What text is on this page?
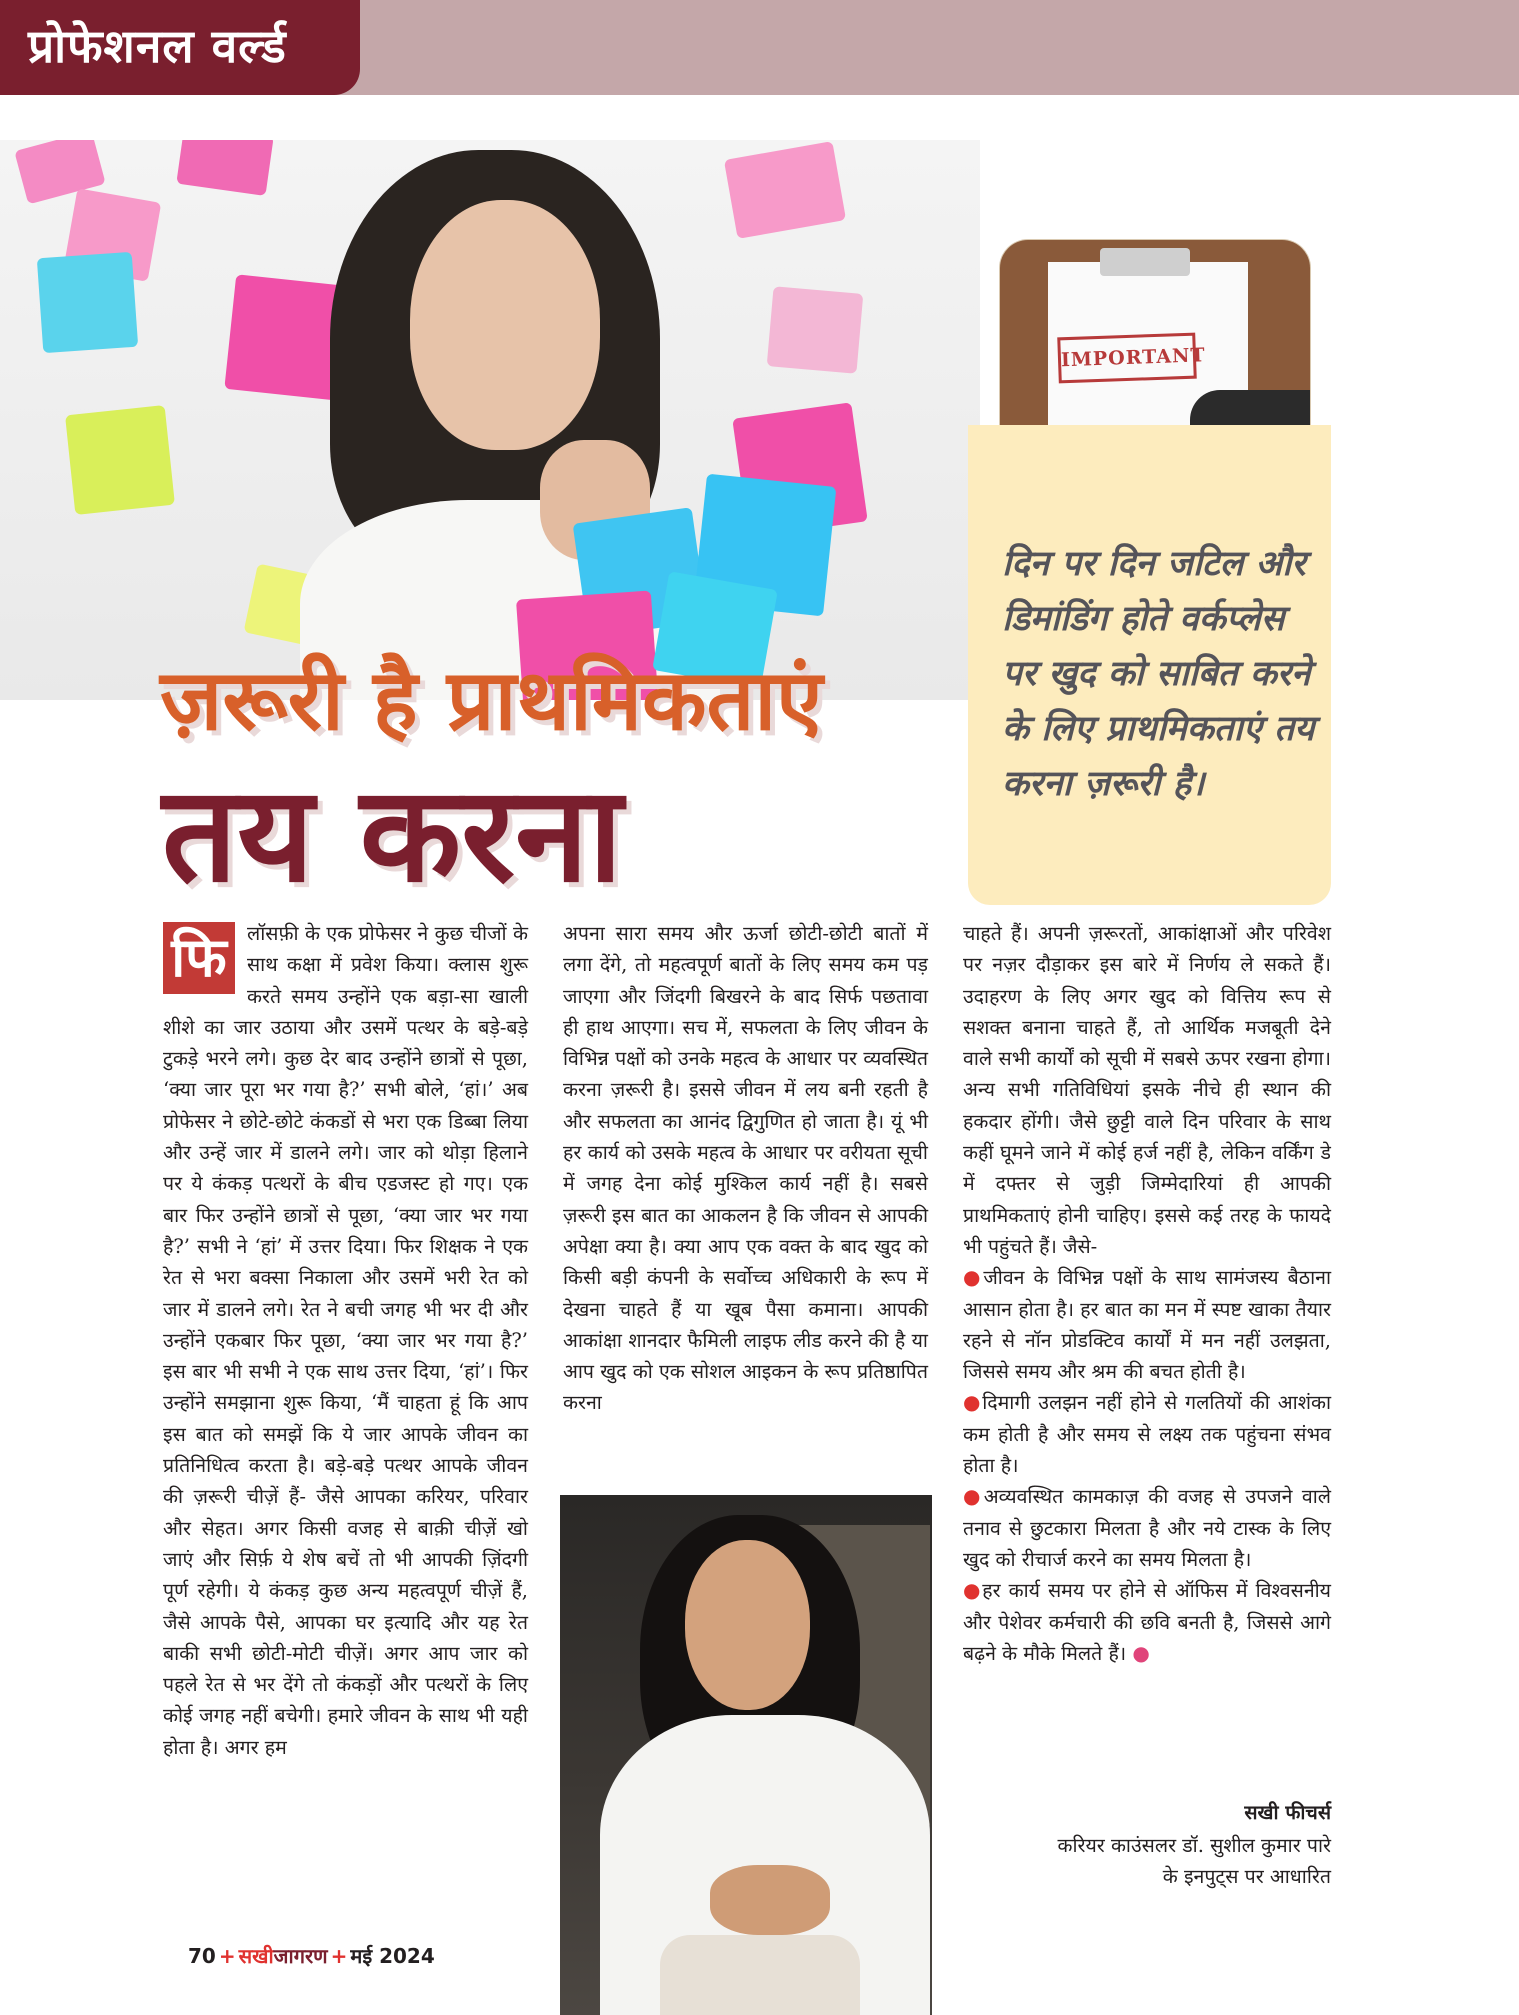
प्रोफेशनल वर्ल्ड
IMPORTANT

दिन पर दिन जटिल और डिमांडिंग होते वर्कप्लेस पर खुद को साबित करने के लिए प्राथमिकताएं तय करना ज़रूरी है।

ज़रूरी है प्राथमिकताएं
तय करना

फि	लॉसफ़ी के एक प्रोफेसर ने कुछ चीजों के साथ कक्षा में प्रवेश किया। क्लास शुरू करते समय उन्होंने एक बड़ा-सा खाली शीशे का जार उठाया और उसमें पत्थर के बड़े-बड़े टुकड़े भरने लगे। कुछ देर बाद उन्होंने छात्रों से पूछा, ‘क्या जार पूरा भर गया है?’ सभी बोले, ‘हां।’ अब प्रोफेसर ने छोटे-छोटे कंकडों से भरा एक डिब्बा लिया और उन्हें जार में डालने लगे। जार को थोड़ा हिलाने पर ये कंकड़ पत्थरों के बीच एडजस्ट हो गए। एक बार फिर उन्होंने छात्रों से पूछा, ‘क्या जार भर गया है?’ सभी ने ‘हां’ में उत्तर दिया। फिर शिक्षक ने एक रेत से भरा बक्सा निकाला और उसमें भरी रेत को जार में डालने लगे। रेत ने बची जगह भी भर दी और उन्होंने एकबार फिर पूछा, ‘क्या जार भर गया है?’ इस बार भी सभी ने एक साथ उत्तर दिया, ‘हां’। फिर उन्होंने समझाना शुरू किया, ‘मैं चाहता हूं कि आप इस बात को समझें कि ये जार आपके जीवन का प्रतिनिधित्व करता है। बड़े-बड़े पत्थर आपके जीवन की ज़रूरी चीज़ें हैं- जैसे आपका करियर, परिवार और सेहत। अगर किसी वजह से बाक़ी चीज़ें खो जाएं और सिर्फ़ ये शेष बचें तो भी आपकी ज़िंदगी पूर्ण रहेगी। ये कंकड़ कुछ अन्य महत्वपूर्ण चीज़ें हैं, जैसे आपके पैसे, आपका घर इत्यादि और यह रेत बाकी सभी छोटी-मोटी चीज़ें। अगर आप जार को पहले रेत से भर देंगे तो कंकड़ों और पत्थरों के लिए कोई जगह नहीं बचेगी। हमारे जीवन के साथ भी यही होता है। अगर हम

अपना सारा समय और ऊर्जा छोटी-छोटी बातों में लगा देंगे, तो महत्वपूर्ण बातों के लिए समय कम पड़ जाएगा और जिंदगी बिखरने के बाद सिर्फ पछतावा ही हाथ आएगा। सच में, सफलता के लिए जीवन के विभिन्न पक्षों को उनके महत्व के आधार पर व्यवस्थित करना ज़रूरी है। इससे जीवन में लय बनी रहती है और सफलता का आनंद द्विगुणित हो जाता है। यूं भी हर कार्य को उसके महत्व के आधार पर वरीयता सूची में जगह देना कोई मुश्किल कार्य नहीं है। सबसे ज़रूरी इस बात का आकलन है कि जीवन से आपकी अपेक्षा क्या है। क्या आप एक वक्त के बाद खुद को किसी बड़ी कंपनी के सर्वोच्च अधिकारी के रूप में देखना चाहते हैं या खूब पैसा कमाना। आपकी आकांक्षा शानदार फैमिली लाइफ लीड करने की है या आप खुद को एक सोशल आइकन के रूप प्रतिष्ठापित करना

चाहते हैं। अपनी ज़रूरतों, आकांक्षाओं और परिवेश पर नज़र दौड़ाकर इस बारे में निर्णय ले सकते हैं। उदाहरण के लिए अगर खुद को वित्तिय रूप से सशक्त बनाना चाहते हैं, तो आर्थिक मजबूती देने वाले सभी कार्यों को सूची में सबसे ऊपर रखना होगा। अन्य सभी गतिविधियां इसके नीचे ही स्थान की हकदार होंगी। जैसे छुट्टी वाले दिन परिवार के साथ कहीं घूमने जाने में कोई हर्ज नहीं है, लेकिन वर्किंग डे में दफ्तर से जुड़ी जिम्मेदारियां ही आपकी प्राथमिकताएं होनी चाहिए। इससे कई तरह के फायदे भी पहुंचते हैं। जैसे-
●जीवन के विभिन्न पक्षों के साथ सामंजस्य बैठाना आसान होता है। हर बात का मन में स्पष्ट खाका तैयार रहने से नॉन प्रोडक्टिव कार्यों में मन नहीं उलझता, जिससे समय और श्रम की बचत होती है।
●दिमागी उलझन नहीं होने से गलतियों की आशंका कम होती है और समय से लक्ष्य तक पहुंचना संभव होता है।
●अव्यवस्थित कामकाज़ की वजह से उपजने वाले तनाव से छुटकारा मिलता है और नये टास्क के लिए खुद को रीचार्ज करने का समय मिलता है।
●हर कार्य समय पर होने से ऑफिस में विश्वसनीय और पेशेवर कर्मचारी की छवि बनती है, जिससे आगे बढ़ने के मौके मिलते हैं। ●

सखी फीचर्स

करियर काउंसलर डॉ. सुशील कुमार पारे

के इनपुट्स पर आधारित

70 + सखीजागरण + मई 2024
